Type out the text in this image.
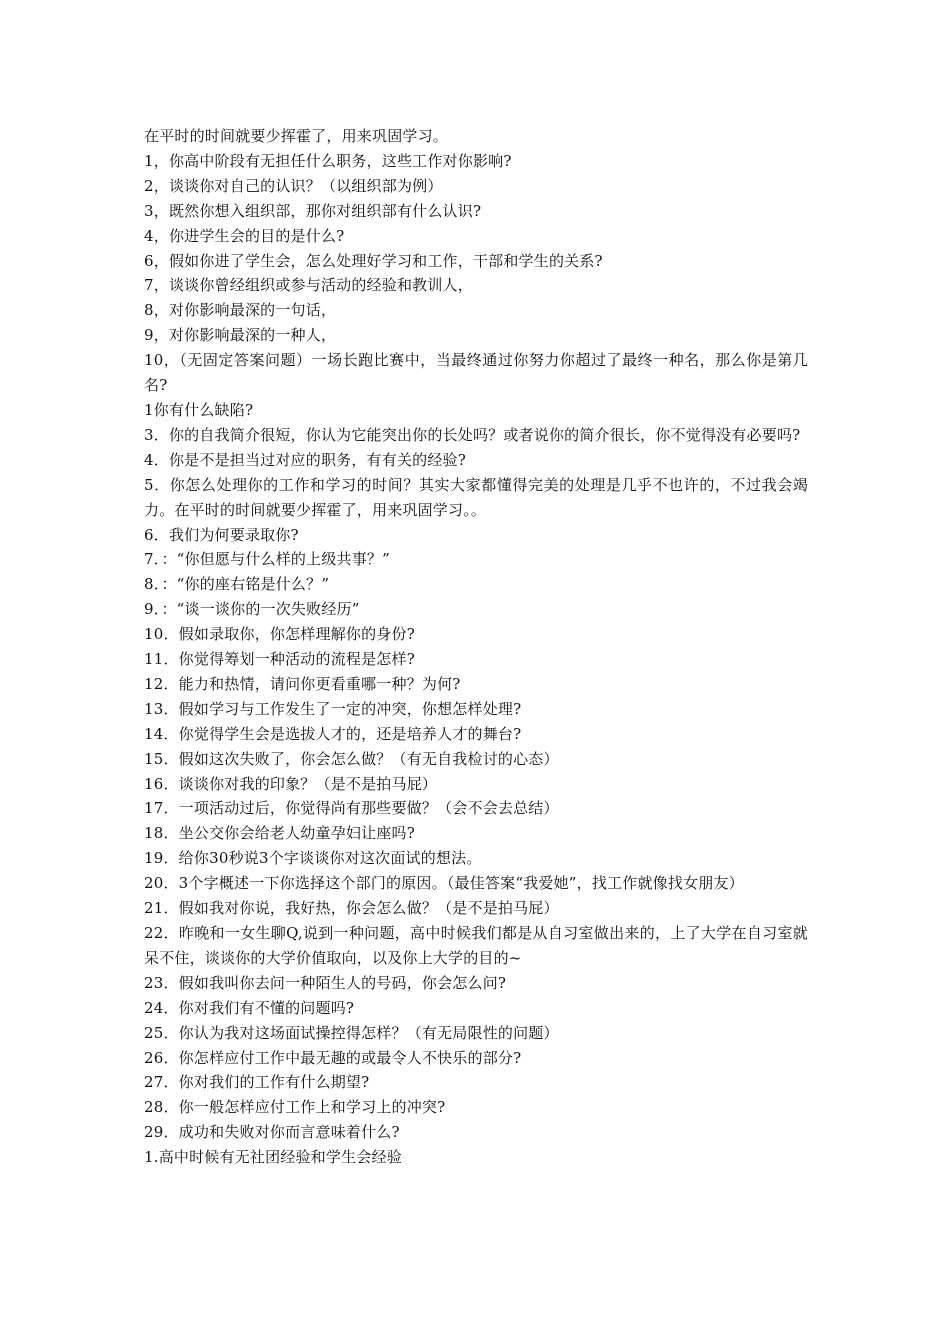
在平时的时间就要少挥霍了，用来巩固学习。
1，你高中阶段有无担任什么职务，这些工作对你影响?
2，谈谈你对自己的认识？（以组织部为例）
3，既然你想入组织部，那你对组织部有什么认识?
4，你进学生会的目的是什么?
6，假如你进了学生会，怎么处理好学习和工作，干部和学生的关系?
7，谈谈你曾经组织或参与活动的经验和教训人，
8，对你影响最深的一句话，
9，对你影响最深的一种人，
10，（无固定答案问题）一场长跑比赛中，当最终通过你努力你超过了最终一种名，那么你是第几名?
1你有什么缺陷?
3．你的自我简介很短，你认为它能突出你的长处吗？或者说你的简介很长，你不觉得没有必要吗?
4．你是不是担当过对应的职务，有有关的经验?
5．你怎么处理你的工作和学习的时间？其实大家都懂得完美的处理是几乎不也许的，不过我会竭力。在平时的时间就要少挥霍了，用来巩固学习。。
6．我们为何要录取你?
7．：“你但愿与什么样的上级共事？”
8．：“你的座右铭是什么？”
9．：“谈一谈你的一次失败经历”
10．假如录取你，你怎样理解你的身份?
11．你觉得筹划一种活动的流程是怎样?
12．能力和热情，请问你更看重哪一种？为何?
13．假如学习与工作发生了一定的冲突，你想怎样处理?
14．你觉得学生会是选拔人才的，还是培养人才的舞台?
15．假如这次失败了，你会怎么做？（有无自我检讨的心态）
16．谈谈你对我的印象？（是不是拍马屁）
17．一项活动过后，你觉得尚有那些要做？（会不会去总结）
18．坐公交你会给老人幼童孕妇让座吗?
19．给你30秒说3个字谈谈你对这次面试的想法。
20．3个字概述一下你选择这个部门的原因。（最佳答案“我爱她”，找工作就像找女朋友）
21．假如我对你说，我好热，你会怎么做？（是不是拍马屁）
22．昨晚和一女生聊Q,说到一种问题，高中时候我们都是从自习室做出来的，上了大学在自习室就呆不住，谈谈你的大学价值取向，以及你上大学的目的~
23．假如我叫你去问一种陌生人的号码，你会怎么问?
24．你对我们有不懂的问题吗?
25．你认为我对这场面试操控得怎样？（有无局限性的问题）
26．你怎样应付工作中最无趣的或最令人不快乐的部分?
27．你对我们的工作有什么期望?
28．你一般怎样应付工作上和学习上的冲突?
29．成功和失败对你而言意味着什么?
1.高中时候有无社团经验和学生会经验
